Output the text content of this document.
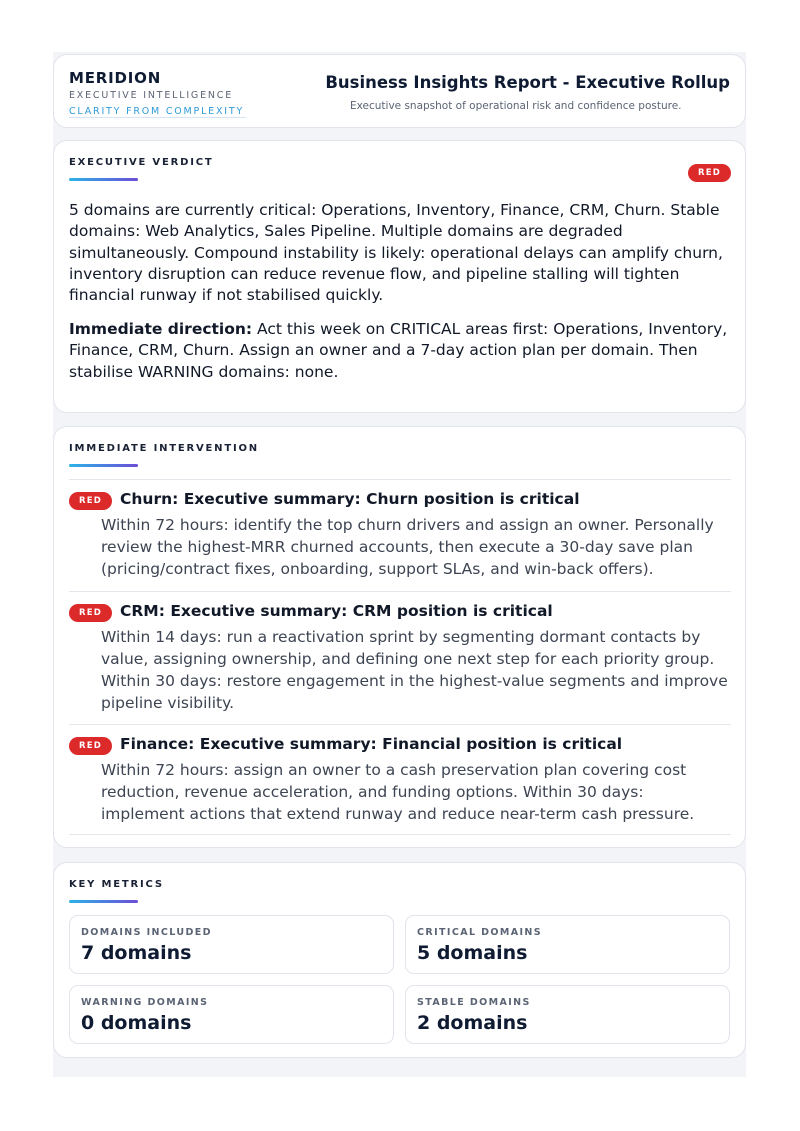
MERIDION
EXECUTIVE INTELLIGENCE
CLARITY FROM COMPLEXITY
Business Insights Report - Executive Rollup
Executive snapshot of operational risk and confidence posture.
EXECUTIVE VERDICT
RED

5 domains are currently critical: Operations, Inventory, Finance, CRM, Churn. Stable domains: Web Analytics, Sales Pipeline. Multiple domains are degraded simultaneously. Compound instability is likely: operational delays can amplify churn, inventory disruption can reduce revenue flow, and pipeline stalling will tighten financial runway if not stabilised quickly.

Immediate direction: Act this week on CRITICAL areas first: Operations, Inventory, Finance, CRM, Churn. Assign an owner and a 7-day action plan per domain. Then stabilise WARNING domains: none.

IMMEDIATE INTERVENTION
RED	Churn: Executive summary: Churn position is critical

Within 72 hours: identify the top churn drivers and assign an owner. Personally review the highest-MRR churned accounts, then execute a 30-day save plan (pricing/contract fixes, onboarding, support SLAs, and win-back offers).

RED	CRM: Executive summary: CRM position is critical

Within 14 days: run a reactivation sprint by segmenting dormant contacts by value, assigning ownership, and defining one next step for each priority group. Within 30 days: restore engagement in the highest-value segments and improve pipeline visibility.

RED	Finance: Executive summary: Financial position is critical

Within 72 hours: assign an owner to a cash preservation plan covering cost reduction, revenue acceleration, and funding options. Within 30 days: implement actions that extend runway and reduce near-term cash pressure.

KEY METRICS
DOMAINS INCLUDED
7 domains
CRITICAL DOMAINS
5 domains
WARNING DOMAINS
0 domains
STABLE DOMAINS
2 domains
